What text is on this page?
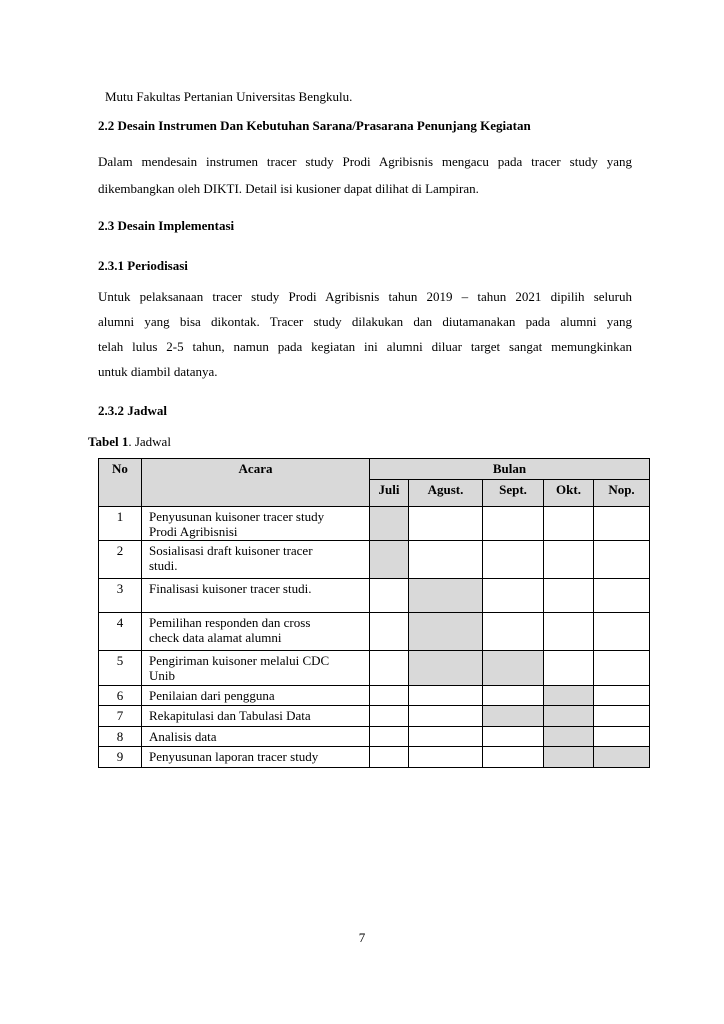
Mutu Fakultas Pertanian Universitas Bengkulu.
2.2 Desain Instrumen Dan Kebutuhan Sarana/Prasarana Penunjang Kegiatan
Dalam mendesain instrumen tracer study Prodi Agribisnis mengacu pada tracer study yang
dikembangkan oleh DIKTI. Detail isi kusioner dapat dilihat di Lampiran.
2.3 Desain Implementasi
2.3.1 Periodisasi
Untuk pelaksanaan tracer study Prodi Agribisnis tahun 2019 – tahun 2021 dipilih seluruh
alumni yang bisa dikontak. Tracer study dilakukan dan diutamanakan pada alumni yang
telah lulus 2-5 tahun, namun pada kegiatan ini alumni diluar target sangat memungkinkan
untuk diambil datanya.
2.3.2 Jadwal
Tabel 1. Jadwal
No	Acara	Bulan				
		Juli	Agust.	Sept.	Okt.	Nop.
1	Penyusunan kuisoner tracer study
Prodi Agribisnisi					

2	Sosialisasi draft kuisoner tracer
studi.					

3	Finalisasi kuisoner tracer studi.					

4	Pemilihan responden dan cross
check data alamat alumni					

5	Pengiriman kuisoner melalui CDC
Unib					

6	Penilaian dari pengguna					

7	Rekapitulasi dan Tabulasi Data					

8	Analisis data					

9	Penyusunan laporan tracer study					

7
